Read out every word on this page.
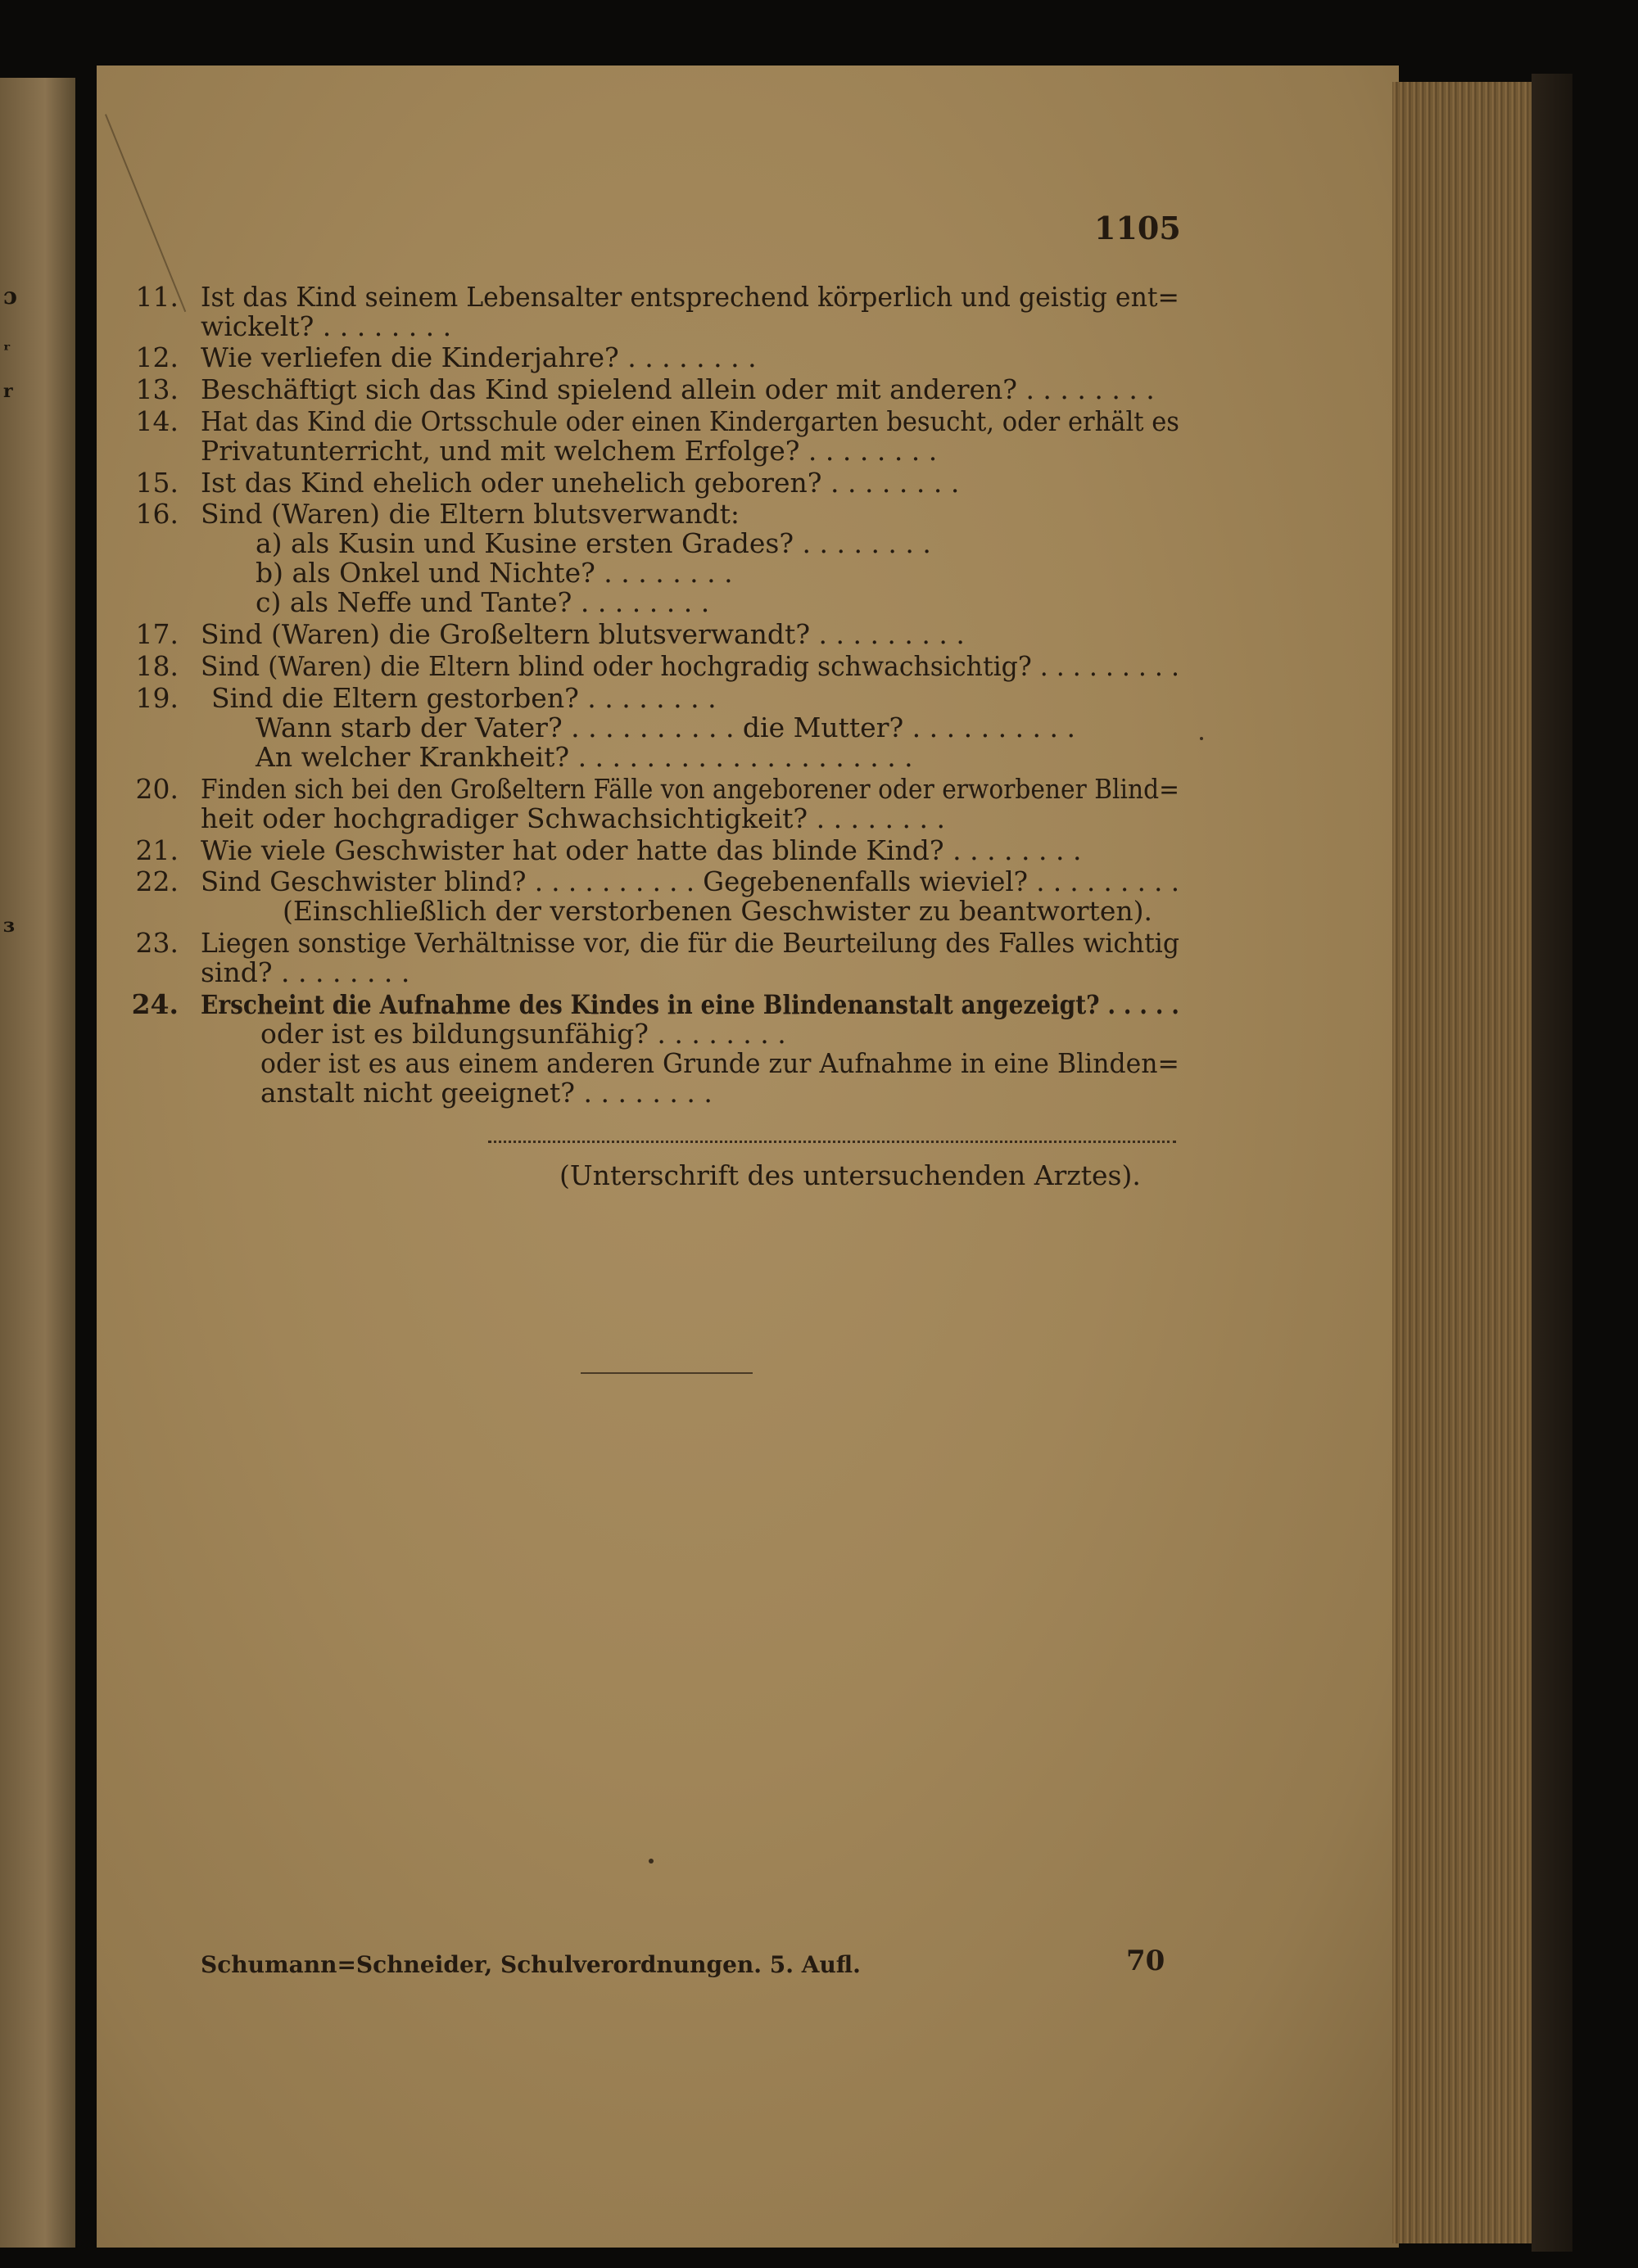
ɔ
ʳ
r
ɜ
1105
11. Ist das Kind seinem Lebensalter entsprechend körperlich und geistig ent=
wickelt? . . . . . . . .
12. Wie verliefen die Kinderjahre? . . . . . . . .
13. Beschäftigt sich das Kind spielend allein oder mit anderen? . . . . . . . .
14. Hat das Kind die Ortsschule oder einen Kindergarten besucht, oder erhält es
Privatunterricht, und mit welchem Erfolge? . . . . . . . .
15. Ist das Kind ehelich oder unehelich geboren? . . . . . . . .
16. Sind (Waren) die Eltern blutsverwandt:
a) als Kusin und Kusine ersten Grades? . . . . . . . .
b) als Onkel und Nichte? . . . . . . . .
c) als Neffe und Tante? . . . . . . . .
17. Sind (Waren) die Großeltern blutsverwandt? . . . . . . . . .
18. Sind (Waren) die Eltern blind oder hochgradig schwachsichtig? . . . . . . . . .
19. Sind die Eltern gestorben? . . . . . . . .
Wann starb der Vater? . . . . . . . . . . die Mutter? . . . . . . . . . .
An welcher Krankheit? . . . . . . . . . . . . . . . . . . . .
20. Finden sich bei den Großeltern Fälle von angeborener oder erworbener Blind=
heit oder hochgradiger Schwachsichtigkeit? . . . . . . . .
21. Wie viele Geschwister hat oder hatte das blinde Kind? . . . . . . . .
22. Sind Geschwister blind? . . . . . . . . . . Gegebenenfalls wieviel? . . . . . . . . .
(Einschließlich der verstorbenen Geschwister zu beantworten).
23. Liegen sonstige Verhältnisse vor, die für die Beurteilung des Falles wichtig
sind? . . . . . . . .
24. Erscheint die Aufnahme des Kindes in eine Blindenanstalt angezeigt? . . . . .
oder ist es bildungsunfähig? . . . . . . . .
oder ist es aus einem anderen Grunde zur Aufnahme in eine Blinden=
anstalt nicht geeignet? . . . . . . . .
(Unterschrift des untersuchenden Arztes).
Schumann=Schneider, Schulverordnungen. 5. Aufl.	70
